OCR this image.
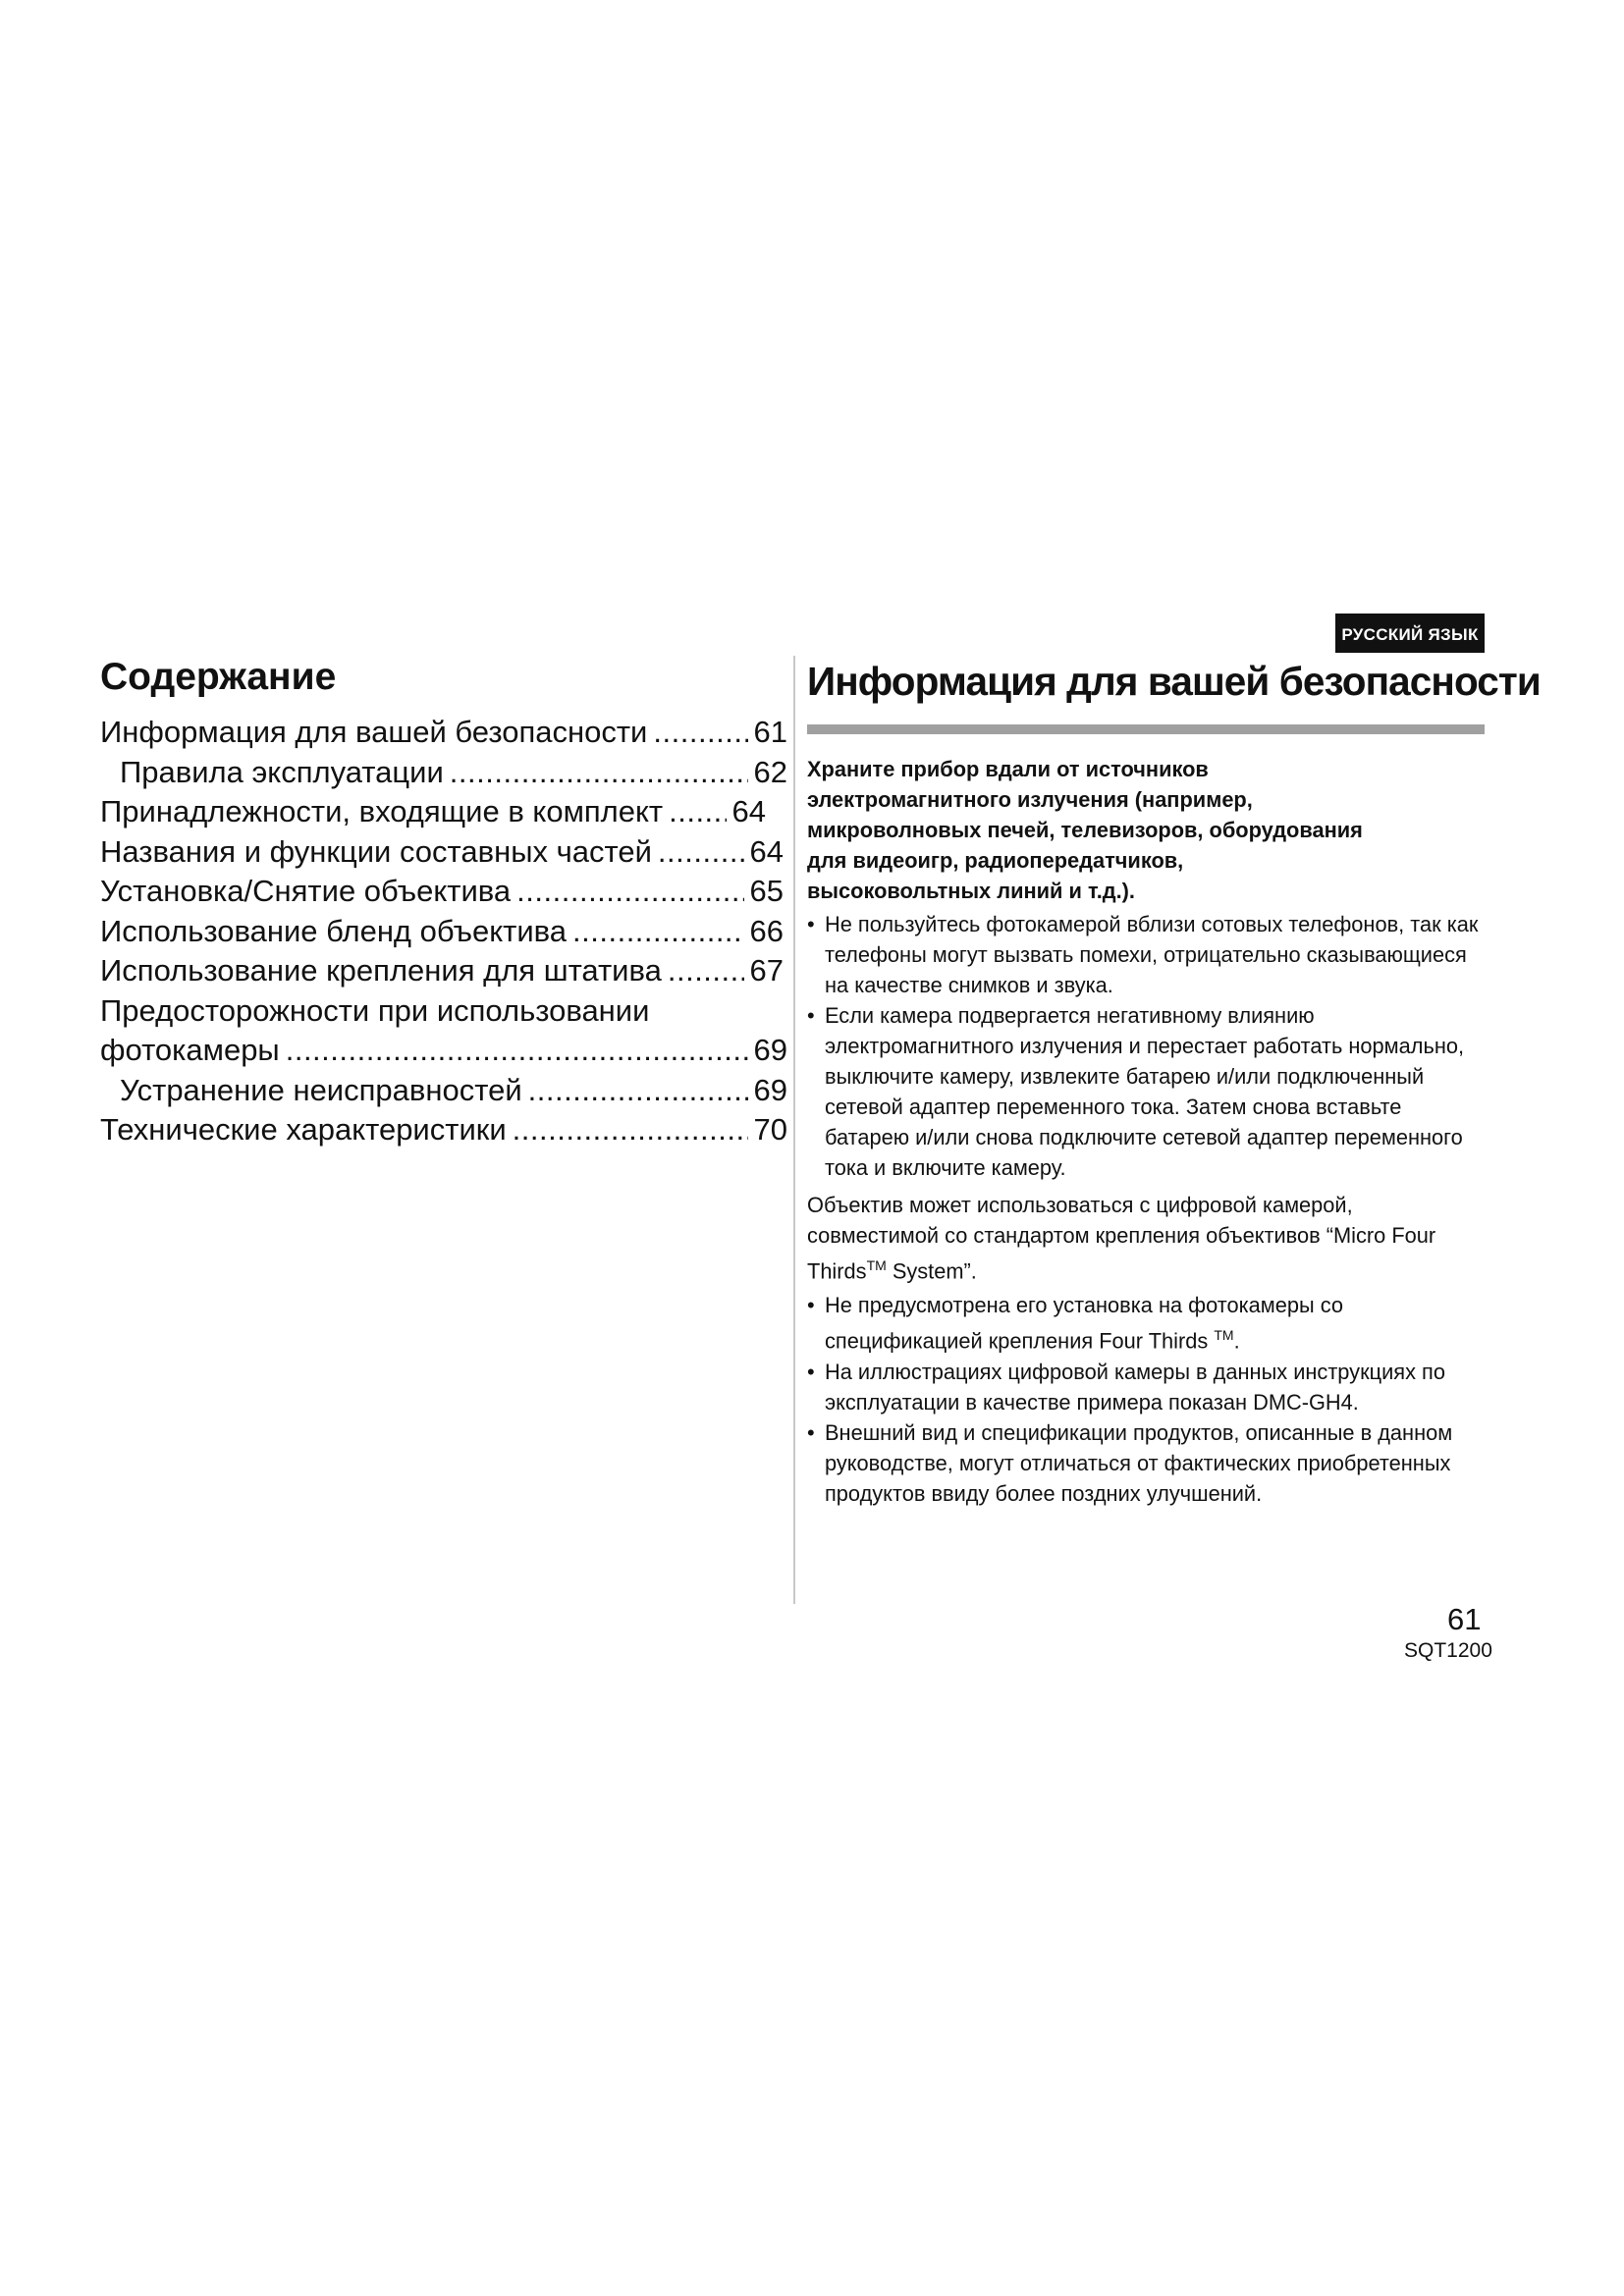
РУССКИЙ ЯЗЫК
Содержание
Информация для вашей безопасности .....	61
Правила эксплуатации .....	62
Принадлежности, входящие в комплект ..... 64
Названия и функции составных частей .....	64
Установка/Снятие объектива .....	65
Использование бленд объектива .....	66
Использование крепления для штатива .....	67
Предосторожности при использовании
фотокамеры .....	69
Устранение неисправностей .....	69
Технические характеристики .....	70
Информация для вашей безопасности
Храните прибор вдали от источников
электромагнитного излучения (например,
микроволновых печей, телевизоров, оборудования
для видеоигр, радиопередатчиков,
высоковольтных линий и т.д.).
• Не пользуйтесь фотокамерой вблизи сотовых телефонов, так как телефоны могут вызвать помехи, отрицательно сказывающиеся на качестве снимков и звука.
• Если камера подвергается негативному влиянию электромагнитного излучения и перестает работать нормально, выключите камеру, извлеките батарею и/или подключенный сетевой адаптер переменного тока. Затем снова вставьте батарею и/или снова подключите сетевой адаптер переменного тока и включите камеру.

Объектив может использоваться с цифровой камерой, совместимой со стандартом крепления объективов “Micro Four Thirds™ System”.

• Не предусмотрена его установка на фотокамеры со спецификацией крепления Four Thirds ™.
• На иллюстрациях цифровой камеры в данных инструкциях по эксплуатации в качестве примера показан DMC-GH4.
• Внешний вид и спецификации продуктов, описанные в данном руководстве, могут отличаться от фактических приобретенных продуктов ввиду более поздних улучшений.
61
SQT1200
